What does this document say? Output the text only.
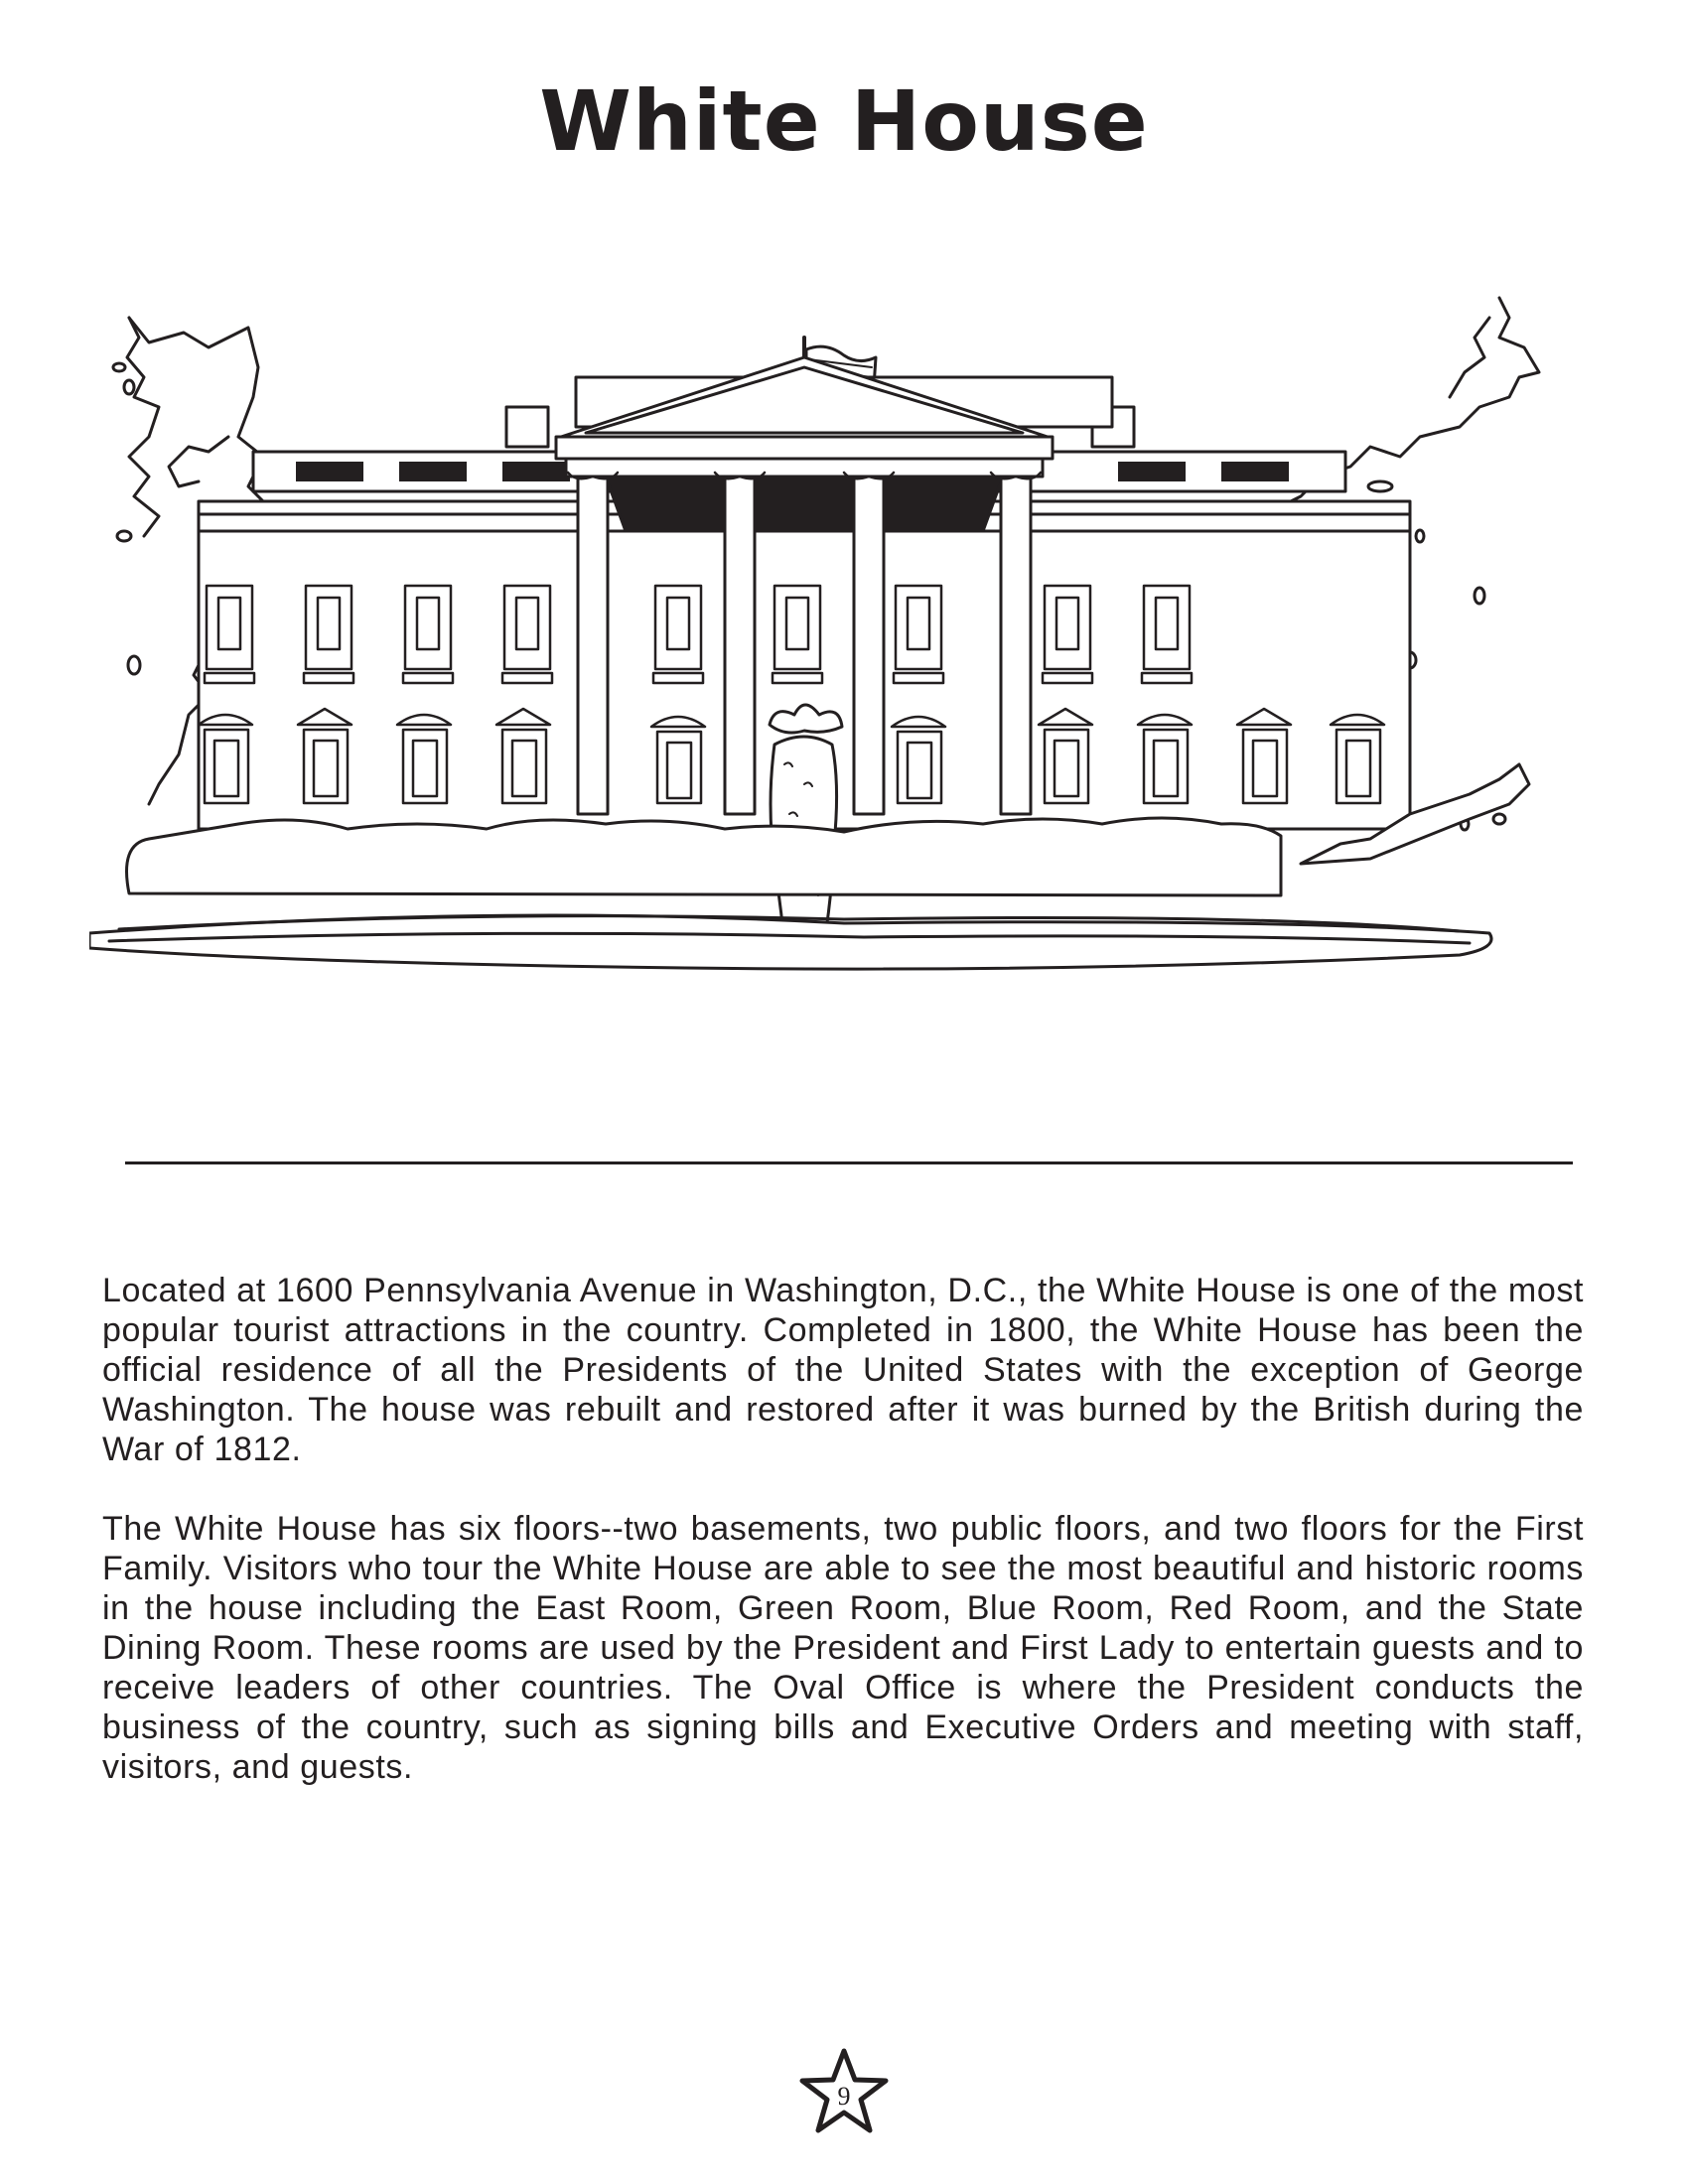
White House

Located at 1600 Pennsylvania Avenue in Washington, D.C., the White House is one of the most popular tourist attractions in the country. Completed in 1800, the White House has been the official residence of all the Presidents of the United States with the exception of George Washington. The house was rebuilt and restored after it was burned by the British during the War of 1812.

The White House has six floors--two basements, two public floors, and two floors for the First Family. Visitors who tour the White House are able to see the most beautiful and historic rooms in the house including the East Room, Green Room, Blue Room, Red Room, and the State Dining Room. These rooms are used by the President and First Lady to entertain guests and to receive leaders of other countries. The Oval Office is where the President conducts the business of the country, such as signing bills and Executive Orders and meeting with staff, visitors, and guests.

9
